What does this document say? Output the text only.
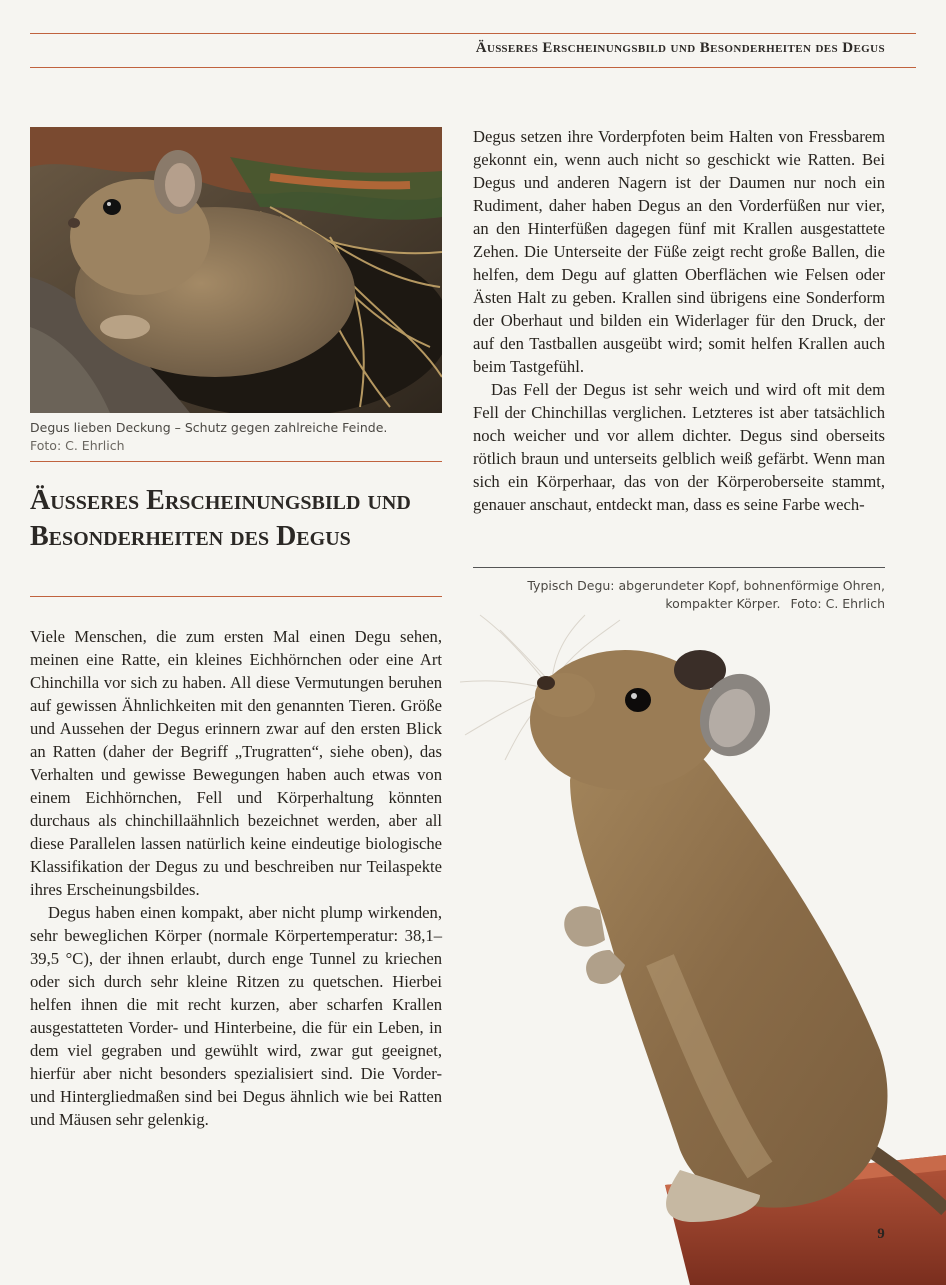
Äußeres Erscheinungsbild und Besonderheiten des Degus
Degus lieben Deckung – Schutz gegen zahlreiche Feinde.
Foto: C. Ehrlich
Äußeres Erscheinungsbild und Besonderheiten des Degus

Viele Menschen, die zum ersten Mal einen Degu sehen, meinen eine Ratte, ein kleines Eichhörnchen oder eine Art Chinchilla vor sich zu haben. All diese Vermutungen beruhen auf gewissen Ähnlichkeiten mit den genannten Tieren. Größe und Aussehen der Degus erinnern zwar auf den ersten Blick an Ratten (daher der Begriff „Trugratten“, siehe oben), das Verhalten und gewisse Bewegungen haben auch etwas von einem Eichhörnchen, Fell und Körperhaltung könnten durchaus als chinchillaähnlich bezeichnet werden, aber all diese Parallelen lassen natürlich keine eindeutige biologische Klassifikation der Degus zu und beschreiben nur Teilaspekte ihres Erscheinungsbildes.

Degus haben einen kompakt, aber nicht plump wirkenden, sehr beweglichen Körper (normale Körpertemperatur: 38,1–39,5 °C), der ihnen erlaubt, durch enge Tunnel zu kriechen oder sich durch sehr kleine Ritzen zu quetschen. Hierbei helfen ihnen die mit recht kurzen, aber scharfen Krallen ausgestatteten Vorder- und Hinterbeine, die für ein Leben, in dem viel gegraben und gewühlt wird, zwar gut geeignet, hierfür aber nicht besonders spezialisiert sind. Die Vorder- und Hintergliedmaßen sind bei Degus ähnlich wie bei Ratten und Mäusen sehr gelenkig.

Degus setzen ihre Vorderpfoten beim Halten von Fressbarem gekonnt ein, wenn auch nicht so geschickt wie Ratten. Bei Degus und anderen Nagern ist der Daumen nur noch ein Rudiment, daher haben Degus an den Vorderfüßen nur vier, an den Hinterfüßen dagegen fünf mit Krallen ausgestattete Zehen. Die Unterseite der Füße zeigt recht große Ballen, die helfen, dem Degu auf glatten Oberflächen wie Felsen oder Ästen Halt zu geben. Krallen sind übrigens eine Sonderform der Oberhaut und bilden ein Widerlager für den Druck, der auf den Tastballen ausgeübt wird; somit helfen Krallen auch beim Tastgefühl.

Das Fell der Degus ist sehr weich und wird oft mit dem Fell der Chinchillas verglichen. Letzteres ist aber tatsächlich noch weicher und vor allem dichter. Degus sind oberseits rötlich braun und unterseits gelblich weiß gefärbt. Wenn man sich ein Körperhaar, das von der Körperoberseite stammt, genauer anschaut, entdeckt man, dass es seine Farbe wech-

Typisch Degu: abgerundeter Kopf, bohnenförmige Ohren,
kompakter Körper. Foto: C. Ehrlich
9
